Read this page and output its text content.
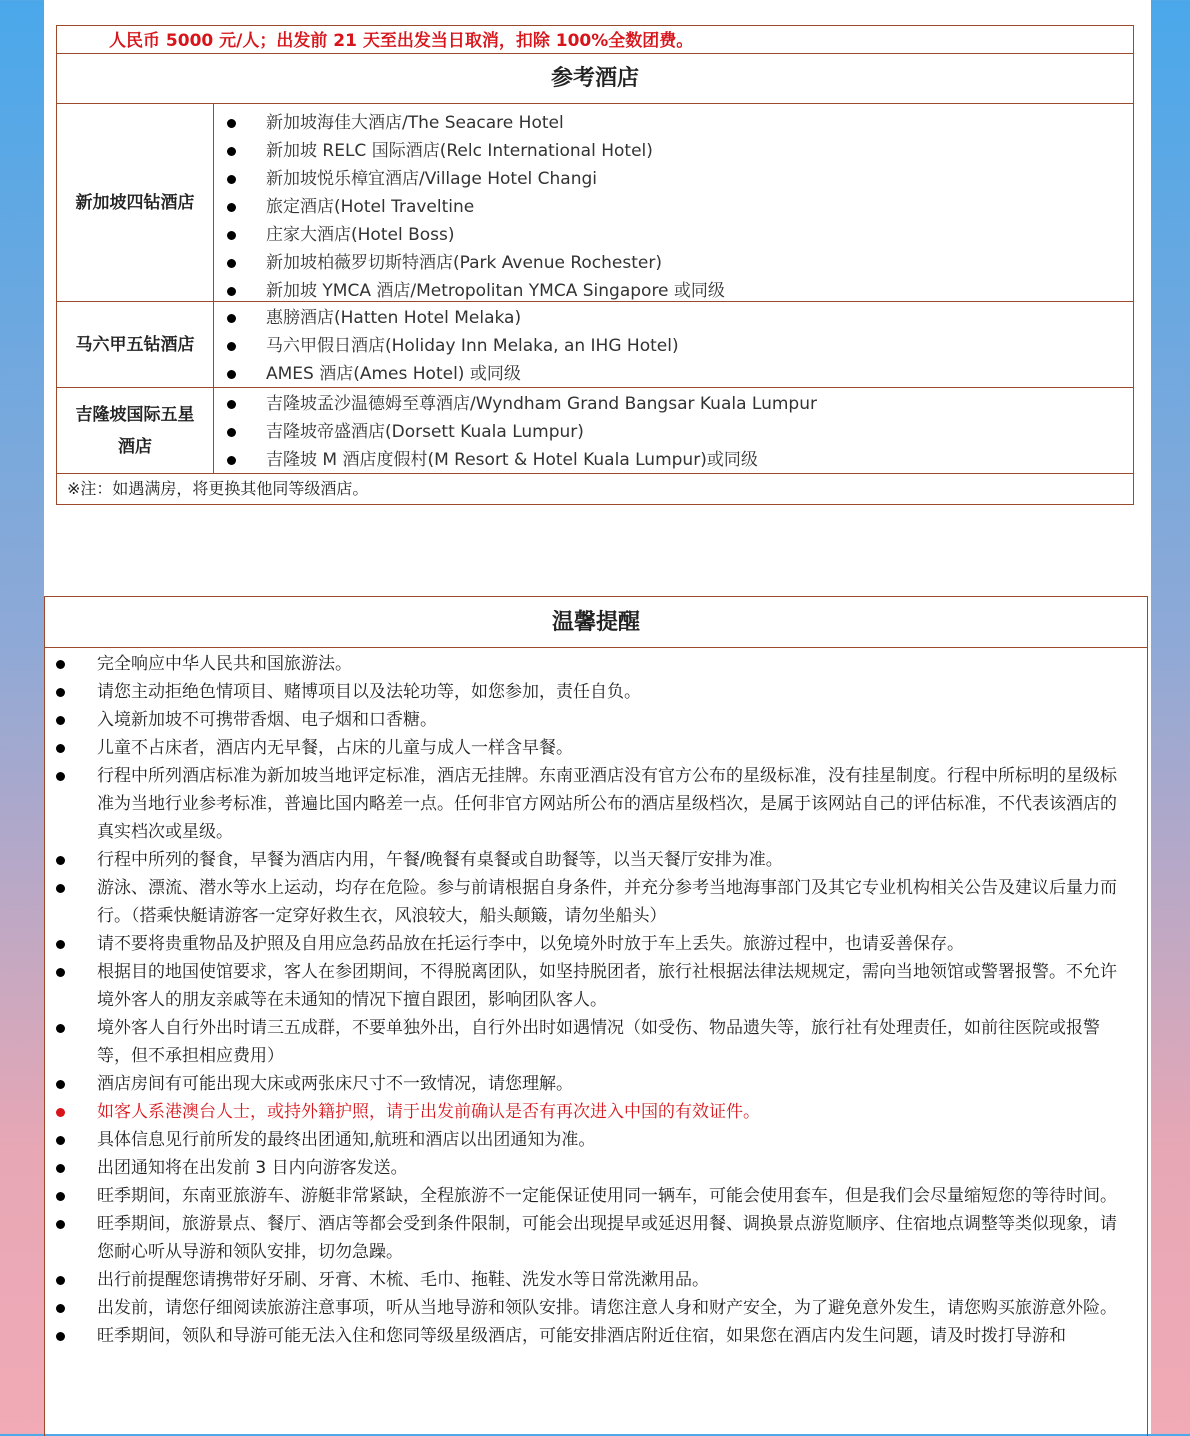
人民币 5000 元/人；出发前 21 天至出发当日取消，扣除 100%全数团费。
参考酒店
新加坡四钻酒店
新加坡海佳大酒店/The Seacare Hotel
新加坡 RELC 国际酒店(Relc International Hotel)
新加坡悦乐樟宜酒店/Village Hotel Changi
旅定酒店(Hotel Traveltine
庄家大酒店(Hotel Boss)
新加坡柏薇罗切斯特酒店(Park Avenue Rochester)
新加坡 YMCA 酒店/Metropolitan YMCA Singapore 或同级
马六甲五钻酒店
惠膀酒店(Hatten Hotel Melaka)
马六甲假日酒店(Holiday Inn Melaka, an IHG Hotel)
AMES 酒店(Ames Hotel) 或同级
吉隆坡国际五星酒店
吉隆坡孟沙温德姆至尊酒店/Wyndham Grand Bangsar Kuala Lumpur
吉隆坡帝盛酒店(Dorsett Kuala Lumpur)
吉隆坡 M 酒店度假村(M Resort & Hotel Kuala Lumpur)或同级
※注：如遇满房，将更换其他同等级酒店。
温馨提醒
完全响应中华人民共和国旅游法。
请您主动拒绝色情项目、赌博项目以及法轮功等，如您参加，责任自负。
入境新加坡不可携带香烟、电子烟和口香糖。
儿童不占床者，酒店内无早餐，占床的儿童与成人一样含早餐。
行程中所列酒店标准为新加坡当地评定标准，酒店无挂牌。东南亚酒店没有官方公布的星级标准，没有挂星制度。行程中所标明的星级标准为当地行业参考标准，普遍比国内略差一点。任何非官方网站所公布的酒店星级档次，是属于该网站自己的评估标准，不代表该酒店的真实档次或星级。
行程中所列的餐食，早餐为酒店内用，午餐/晚餐有桌餐或自助餐等，以当天餐厅安排为准。
游泳、漂流、潜水等水上运动，均存在危险。参与前请根据自身条件，并充分参考当地海事部门及其它专业机构相关公告及建议后量力而行。（搭乘快艇请游客一定穿好救生衣，风浪较大，船头颠簸，请勿坐船头）
请不要将贵重物品及护照及自用应急药品放在托运行李中，以免境外时放于车上丢失。旅游过程中，也请妥善保存。
根据目的地国使馆要求，客人在参团期间，不得脱离团队，如坚持脱团者，旅行社根据法律法规规定，需向当地领馆或警署报警。不允许境外客人的朋友亲戚等在未通知的情况下擅自跟团，影响团队客人。
境外客人自行外出时请三五成群，不要单独外出，自行外出时如遇情况（如受伤、物品遗失等，旅行社有处理责任，如前往医院或报警等，但不承担相应费用）
酒店房间有可能出现大床或两张床尺寸不一致情况，请您理解。
如客人系港澳台人士，或持外籍护照，请于出发前确认是否有再次进入中国的有效证件。
具体信息见行前所发的最终出团通知,航班和酒店以出团通知为准。
出团通知将在出发前 3 日内向游客发送。
旺季期间，东南亚旅游车、游艇非常紧缺，全程旅游不一定能保证使用同一辆车，可能会使用套车，但是我们会尽量缩短您的等待时间。
旺季期间，旅游景点、餐厅、酒店等都会受到条件限制，可能会出现提早或延迟用餐、调换景点游览顺序、住宿地点调整等类似现象，请您耐心听从导游和领队安排，切勿急躁。
出行前提醒您请携带好牙刷、牙膏、木梳、毛巾、拖鞋、洗发水等日常洗漱用品。
出发前，请您仔细阅读旅游注意事项，听从当地导游和领队安排。请您注意人身和财产安全，为了避免意外发生，请您购买旅游意外险。
旺季期间，领队和导游可能无法入住和您同等级星级酒店，可能安排酒店附近住宿，如果您在酒店内发生问题，请及时拨打导游和
